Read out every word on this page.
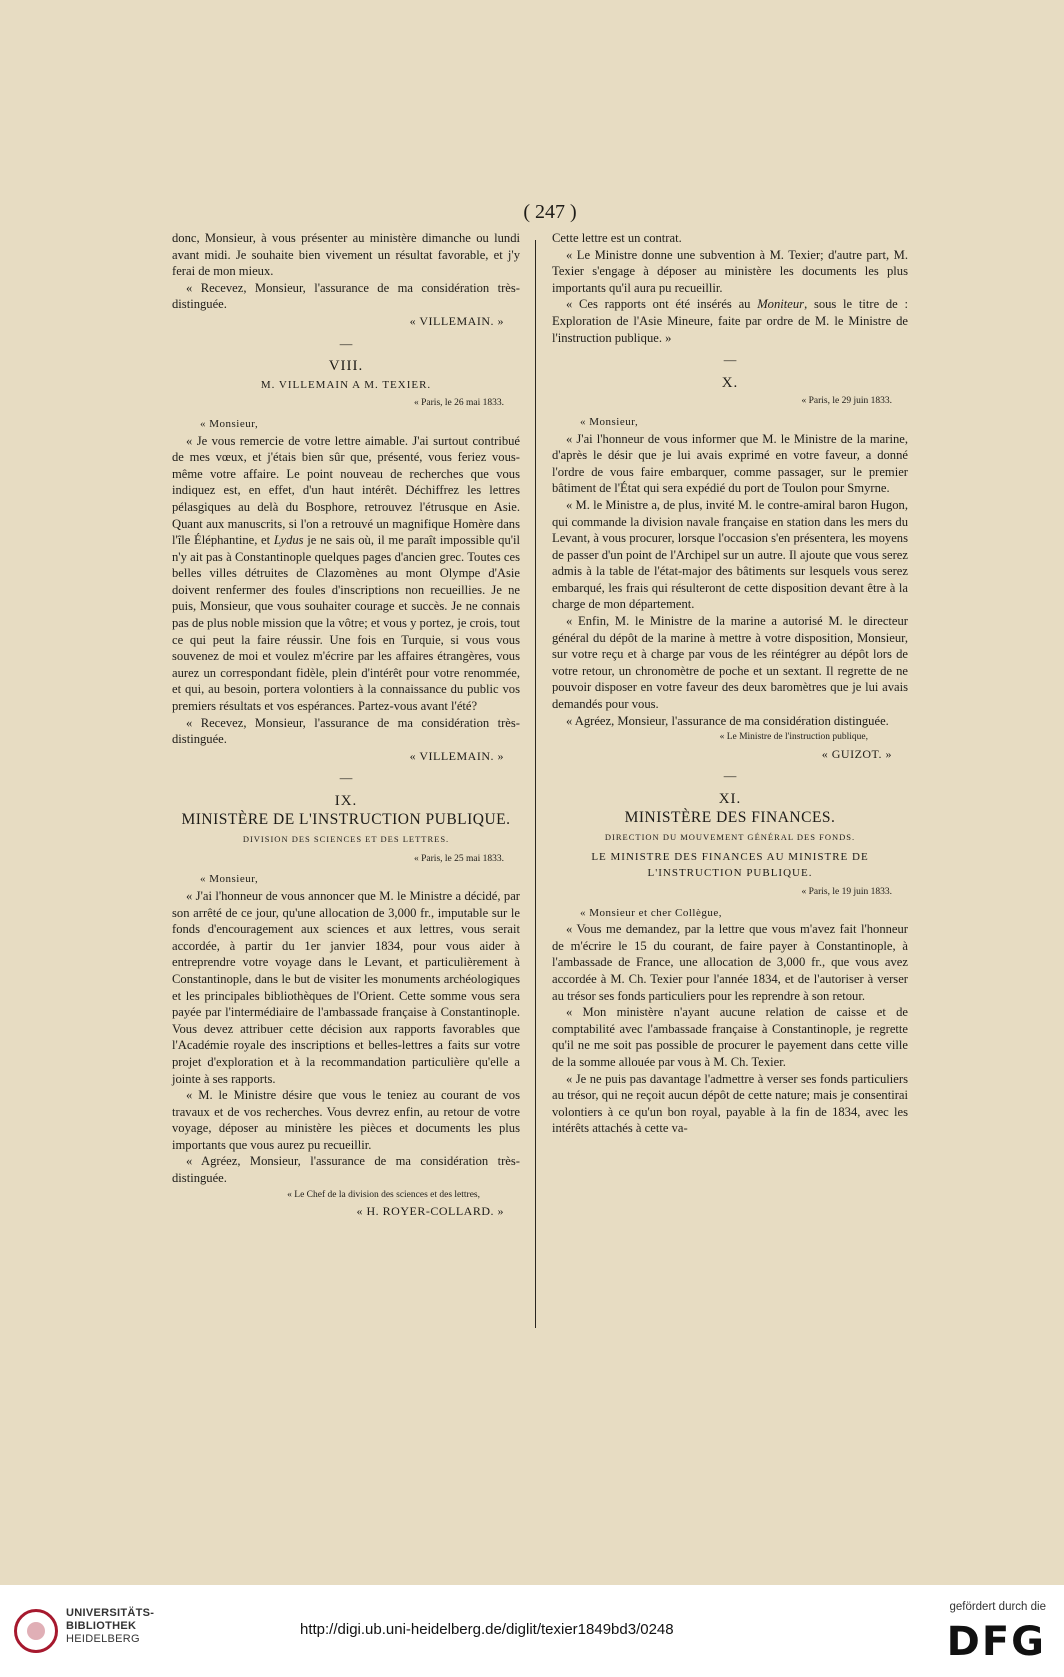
( 247 )

donc, Monsieur, à vous présenter au ministère dimanche ou lundi avant midi. Je souhaite bien vivement un résultat favorable, et j'y ferai de mon mieux.

« Recevez, Monsieur, l'assurance de ma considération très-distinguée.

« VILLEMAIN. »

—
VIII.
M. VILLEMAIN A M. TEXIER.
« Paris, le 26 mai 1833.

« Monsieur,

« Je vous remercie de votre lettre aimable. J'ai surtout contribué de mes vœux, et j'étais bien sûr que, présenté, vous feriez vous-même votre affaire. Le point nouveau de recherches que vous indiquez est, en effet, d'un haut intérêt. Déchiffrez les lettres pélasgiques au delà du Bosphore, retrouvez l'étrusque en Asie. Quant aux manuscrits, si l'on a retrouvé un magnifique Homère dans l'île Éléphantine, et Lydus je ne sais où, il me paraît impossible qu'il n'y ait pas à Constantinople quelques pages d'ancien grec. Toutes ces belles villes détruites de Clazomènes au mont Olympe d'Asie doivent renfermer des foules d'inscriptions non recueillies. Je ne puis, Monsieur, que vous souhaiter courage et succès. Je ne connais pas de plus noble mission que la vôtre; et vous y portez, je crois, tout ce qui peut la faire réussir. Une fois en Turquie, si vous vous souvenez de moi et voulez m'écrire par les affaires étrangères, vous aurez un correspondant fidèle, plein d'intérêt pour votre renommée, et qui, au besoin, portera volontiers à la connaissance du public vos premiers résultats et vos espérances. Partez-vous avant l'été?

« Recevez, Monsieur, l'assurance de ma considération très-distinguée.

« VILLEMAIN. »

—
IX.
MINISTÈRE DE L'INSTRUCTION PUBLIQUE.
DIVISION DES SCIENCES ET DES LETTRES.
« Paris, le 25 mai 1833.

« Monsieur,

« J'ai l'honneur de vous annoncer que M. le Ministre a décidé, par son arrêté de ce jour, qu'une allocation de 3,000 fr., imputable sur le fonds d'encouragement aux sciences et aux lettres, vous serait accordée, à partir du 1er janvier 1834, pour vous aider à entreprendre votre voyage dans le Levant, et particulièrement à Constantinople, dans le but de visiter les monuments archéologiques et les principales bibliothèques de l'Orient. Cette somme vous sera payée par l'intermédiaire de l'ambassade française à Constantinople. Vous devez attribuer cette décision aux rapports favorables que l'Académie royale des inscriptions et belles-lettres a faits sur votre projet d'exploration et à la recommandation particulière qu'elle a jointe à ses rapports.

« M. le Ministre désire que vous le teniez au courant de vos travaux et de vos recherches. Vous devrez enfin, au retour de votre voyage, déposer au ministère les pièces et documents les plus importants que vous aurez pu recueillir.

« Agréez, Monsieur, l'assurance de ma considération très-distinguée.

« Le Chef de la division des sciences et des lettres,

« H. ROYER-COLLARD. »

Cette lettre est un contrat.

« Le Ministre donne une subvention à M. Texier; d'autre part, M. Texier s'engage à déposer au ministère les documents les plus importants qu'il aura pu recueillir.

« Ces rapports ont été insérés au Moniteur, sous le titre de : Exploration de l'Asie Mineure, faite par ordre de M. le Ministre de l'instruction publique. »

—
X.
« Paris, le 29 juin 1833.

« Monsieur,

« J'ai l'honneur de vous informer que M. le Ministre de la marine, d'après le désir que je lui avais exprimé en votre faveur, a donné l'ordre de vous faire embarquer, comme passager, sur le premier bâtiment de l'État qui sera expédié du port de Toulon pour Smyrne.

« M. le Ministre a, de plus, invité M. le contre-amiral baron Hugon, qui commande la division navale française en station dans les mers du Levant, à vous procurer, lorsque l'occasion s'en présentera, les moyens de passer d'un point de l'Archipel sur un autre. Il ajoute que vous serez admis à la table de l'état-major des bâtiments sur lesquels vous serez embarqué, les frais qui résulteront de cette disposition devant être à la charge de mon département.

« Enfin, M. le Ministre de la marine a autorisé M. le directeur général du dépôt de la marine à mettre à votre disposition, Monsieur, sur votre reçu et à charge par vous de les réintégrer au dépôt lors de votre retour, un chronomètre de poche et un sextant. Il regrette de ne pouvoir disposer en votre faveur des deux baromètres que je lui avais demandés pour vous.

« Agréez, Monsieur, l'assurance de ma considération distinguée.

« Le Ministre de l'instruction publique,

« GUIZOT. »

—
XI.
MINISTÈRE DES FINANCES.
DIRECTION DU MOUVEMENT GÉNÉRAL DES FONDS.
LE MINISTRE DES FINANCES AU MINISTRE DE L'INSTRUCTION PUBLIQUE.
« Paris, le 19 juin 1833.

« Monsieur et cher Collègue,

« Vous me demandez, par la lettre que vous m'avez fait l'honneur de m'écrire le 15 du courant, de faire payer à Constantinople, à l'ambassade de France, une allocation de 3,000 fr., que vous avez accordée à M. Ch. Texier pour l'année 1834, et de l'autoriser à verser au trésor ses fonds particuliers pour les reprendre à son retour.

« Mon ministère n'ayant aucune relation de caisse et de comptabilité avec l'ambassade française à Constantinople, je regrette qu'il ne me soit pas possible de procurer le payement dans cette ville de la somme allouée par vous à M. Ch. Texier.

« Je ne puis pas davantage l'admettre à verser ses fonds particuliers au trésor, qui ne reçoit aucun dépôt de cette nature; mais je consentirai volontiers à ce qu'un bon royal, payable à la fin de 1834, avec les intérêts attachés à cette va-

UNIVERSITÄTS-
BIBLIOTHEK
HEIDELBERG
http://digi.ub.uni-heidelberg.de/diglit/texier1849bd3/0248
gefördert durch die
DFG
